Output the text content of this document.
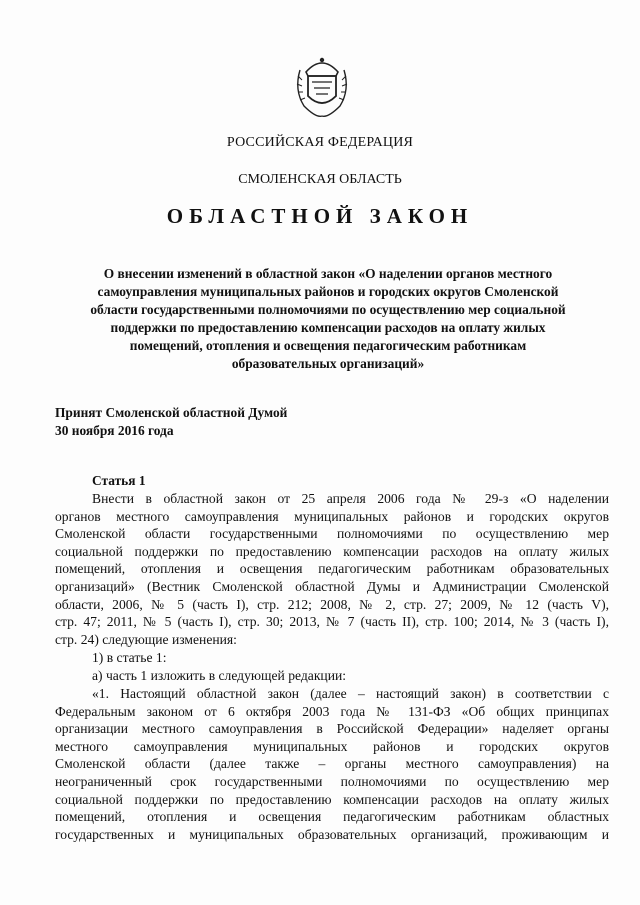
РОССИЙСКАЯ ФЕДЕРАЦИЯ
СМОЛЕНСКАЯ ОБЛАСТЬ
ОБЛАСТНОЙ ЗАКОН
О внесении изменений в областной закон «О наделении органов местного
самоуправления муниципальных районов и городских округов Смоленской
области государственными полномочиями по осуществлению мер социальной
поддержки по предоставлению компенсации расходов на оплату жилых
помещений, отопления и освещения педагогическим работникам
образовательных организаций»
Принят Смоленской областной Думой
30 ноября 2016 года
Статья 1
Внести в областной закон от 25 апреля 2006 года № 29-з «О наделении
органов местного самоуправления муниципальных районов и городских округов
Смоленской области государственными полномочиями по осуществлению мер
социальной поддержки по предоставлению компенсации расходов на оплату жилых
помещений, отопления и освещения педагогическим работникам образовательных
организаций» (Вестник Смоленской областной Думы и Администрации Смоленской
области, 2006, № 5 (часть I), стр. 212; 2008, № 2, стр. 27; 2009, № 12 (часть V),
стр. 47; 2011, № 5 (часть I), стр. 30; 2013, № 7 (часть II), стр. 100; 2014, № 3 (часть I),
стр. 24) следующие изменения:
1) в статье 1:
а) часть 1 изложить в следующей редакции:
«1. Настоящий областной закон (далее – настоящий закон) в соответствии с
Федеральным законом от 6 октября 2003 года № 131-ФЗ «Об общих принципах
организации местного самоуправления в Российской Федерации» наделяет органы
местного самоуправления муниципальных районов и городских округов
Смоленской области (далее также – органы местного самоуправления) на
неограниченный срок государственными полномочиями по осуществлению мер
социальной поддержки по предоставлению компенсации расходов на оплату жилых
помещений, отопления и освещения педагогическим работникам областных
государственных и муниципальных образовательных организаций, проживающим и
